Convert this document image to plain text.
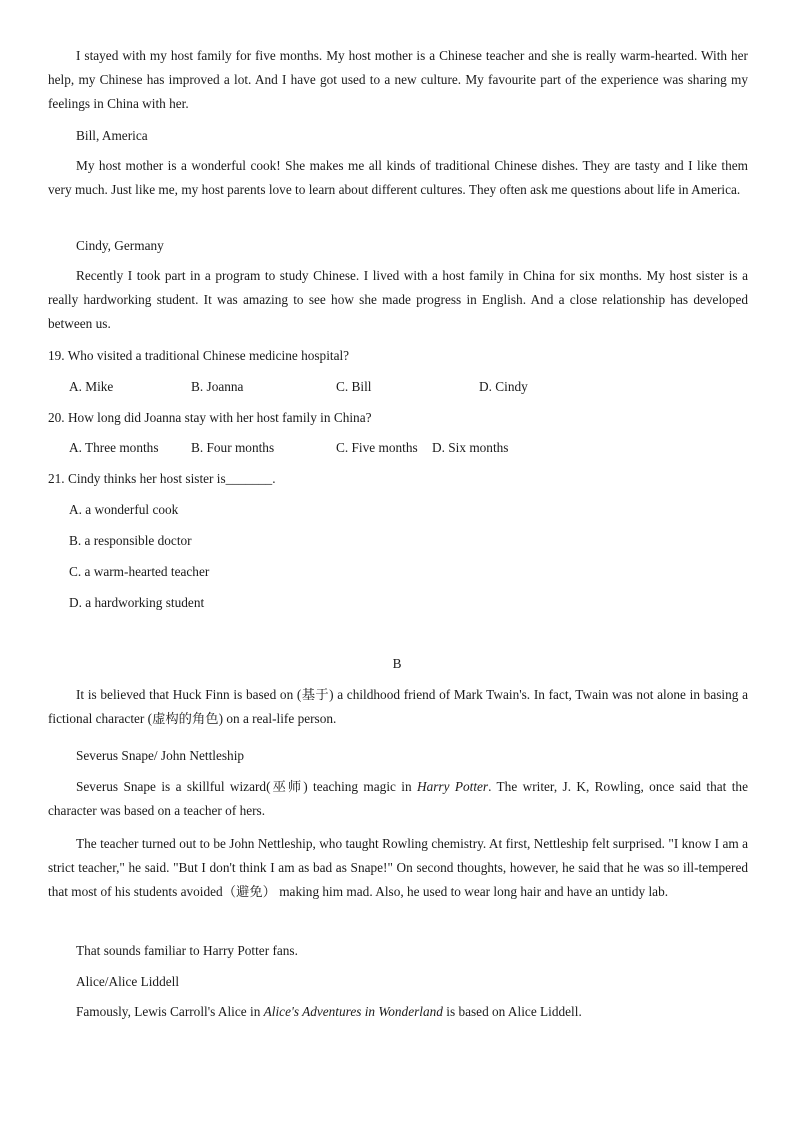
I stayed with my host family for five months. My host mother is a Chinese teacher and she is really warm-hearted. With her help, my Chinese has improved a lot. And I have got used to a new culture. My favourite part of the experience was sharing my feelings in China with her.
Bill, America
My host mother is a wonderful cook! She makes me all kinds of traditional Chinese dishes. They are tasty and I like them very much. Just like me, my host parents love to learn about different cultures. They often ask me questions about life in America.
Cindy, Germany
Recently I took part in a program to study Chinese. I lived with a host family in China for six months. My host sister is a really hardworking student. It was amazing to see how she made progress in English. And a close relationship has developed between us.
19. Who visited a traditional Chinese medicine hospital?
A. Mike	B. Joanna	C. Bill	D. Cindy
20. How long did Joanna stay with her host family in China?
A. Three months B. Four months	C. Five months D. Six months
21. Cindy thinks her host sister is_______.
A. a wonderful cook
B. a responsible doctor
C. a warm-hearted teacher
D. a hardworking student
B
It is believed that Huck Finn is based on (基于) a childhood friend of Mark Twain's. In fact, Twain was not alone in basing a fictional character (虚构的角色) on a real-life person.
Severus Snape/ John Nettleship
Severus Snape is a skillful wizard(巫师) teaching magic in Harry Potter. The writer, J. K, Rowling, once said that the character was based on a teacher of hers.
The teacher turned out to be John Nettleship, who taught Rowling chemistry. At first, Nettleship felt surprised. "I know I am a strict teacher," he said. "But I don't think I am as bad as Snape!" On second thoughts, however, he said that he was so ill-tempered that most of his students avoided（避免） making him mad. Also, he used to wear long hair and have an untidy lab.
That sounds familiar to Harry Potter fans.
Alice/Alice Liddell
Famously, Lewis Carroll's Alice in Alice's Adventures in Wonderland is based on Alice Liddell.
